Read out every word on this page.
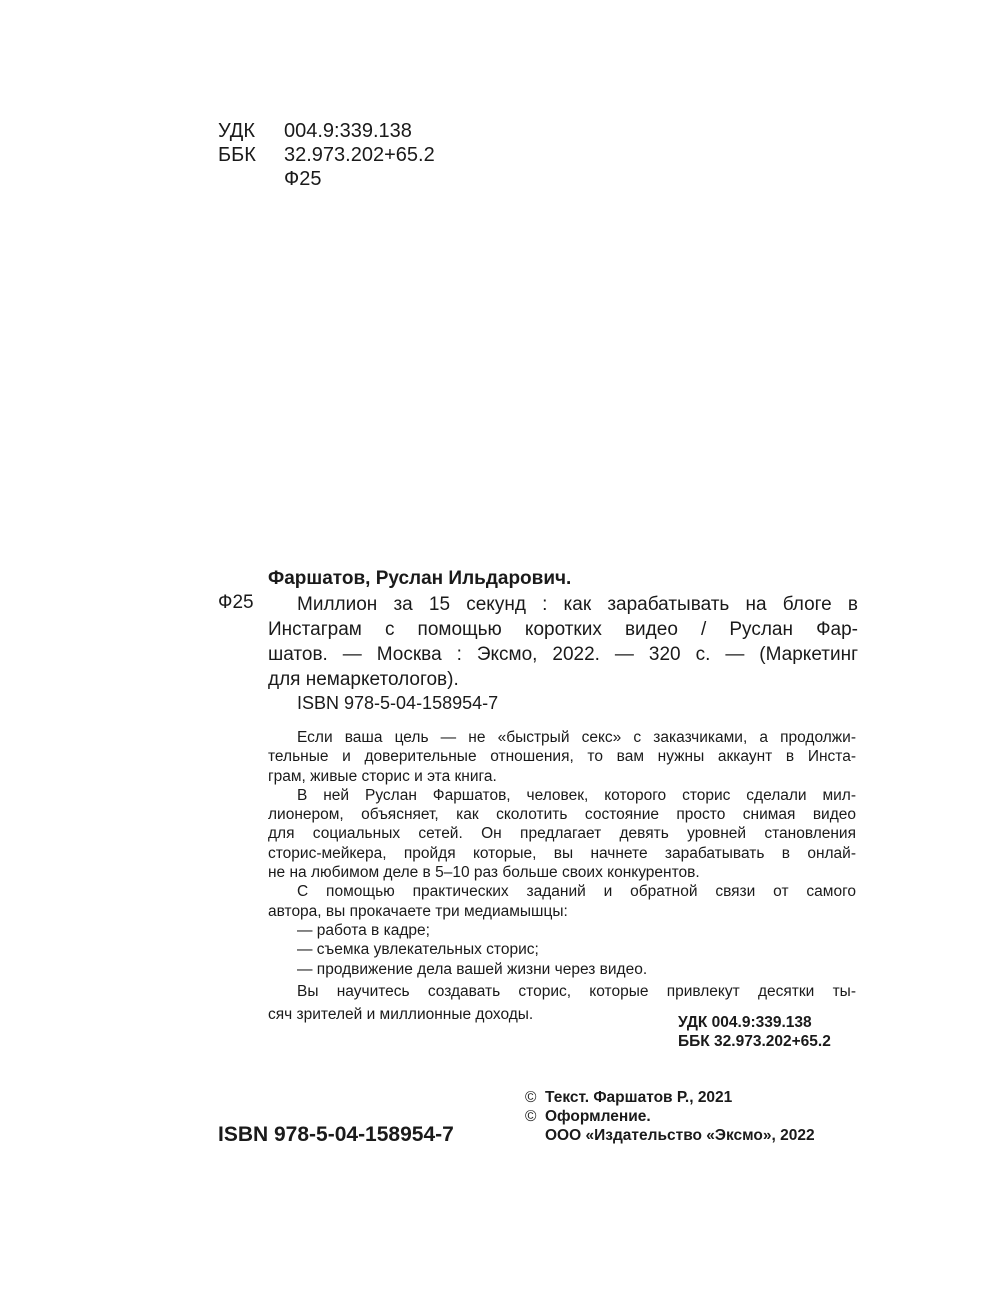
УДК 004.9:339.138
ББК 32.973.202+65.2
Ф25
Фаршатов, Руслан Ильдарович.
Ф25	Миллион за 15 секунд : как зарабатывать на блоге в
Инстаграм с помощью коротких видео / Руслан Фар-
шатов. — Москва : Эксмо, 2022. — 320 с. — (Маркетинг
для немаркетологов).
ISBN 978-5-04-158954-7
Если ваша цель — не «быстрый секс» с заказчиками, а продолжи-
тельные и доверительные отношения, то вам нужны аккаунт в Инста-
грам, живые сторис и эта книга.
В ней Руслан Фаршатов, человек, которого сторис сделали мил-
лионером, объясняет, как сколотить состояние просто снимая видео
для социальных сетей. Он предлагает девять уровней становления
сторис-мейкера, пройдя которые, вы начнете зарабатывать в онлай-
не на любимом деле в 5–10 раз больше своих конкурентов.
С помощью практических заданий и обратной связи от самого
автора, вы прокачаете три медиамышцы:
— работа в кадре;
— съемка увлекательных сторис;
— продвижение дела вашей жизни через видео.
Вы научитесь создавать сторис, которые привлекут десятки ты-
сяч зрителей и миллионные доходы.	УДК 004.9:339.138
ББК 32.973.202+65.2
© Текст. Фаршатов Р., 2021
© Оформление.
ООО «Издательство «Эксмо», 2022
ISBN 978-5-04-158954-7
